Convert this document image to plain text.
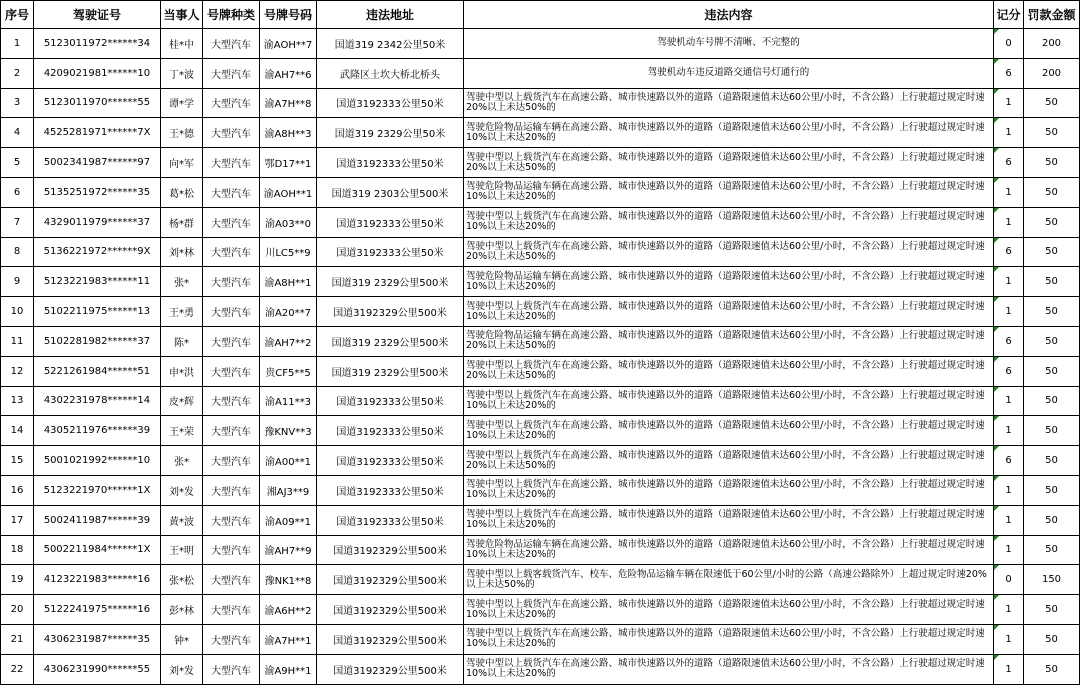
序号	驾驶证号	当事人	号牌种类	号牌号码	违法地址	违法内容	记分	罚款金额
1	5123011972******34	桂*中	大型汽车	渝AOH**7	国道319 2342公里50米	驾驶机动车号牌不清晰、不完整的	0	200
2	4209021981******10	丁*波	大型汽车	渝AH7**6	武隆区土坎大桥北桥头	驾驶机动车违反道路交通信号灯通行的	6	200
3	5123011970******55	谭*学	大型汽车	渝A7H**8	国道3192333公里50米	驾驶中型以上载货汽车在高速公路、城市快速路以外的道路（道路限速值未达60公里/小时，不含公路）上行驶超过规定时速20%以上未达50%的	1	50
4	4525281971******7X	王*德	大型汽车	渝A8H**3	国道319 2329公里50米	驾驶危险物品运输车辆在高速公路、城市快速路以外的道路（道路限速值未达60公里/小时，不含公路）上行驶超过规定时速10%以上未达20%的	1	50
5	5002341987******97	向*军	大型汽车	鄂D17**1	国道3192333公里50米	驾驶中型以上载货汽车在高速公路、城市快速路以外的道路（道路限速值未达60公里/小时，不含公路）上行驶超过规定时速20%以上未达50%的	6	50
6	5135251972******35	葛*松	大型汽车	渝AOH**1	国道319 2303公里500米	驾驶危险物品运输车辆在高速公路、城市快速路以外的道路（道路限速值未达60公里/小时，不含公路）上行驶超过规定时速10%以上未达20%的	1	50
7	4329011979******37	杨*群	大型汽车	渝A03**0	国道3192333公里50米	驾驶中型以上载货汽车在高速公路、城市快速路以外的道路（道路限速值未达60公里/小时，不含公路）上行驶超过规定时速10%以上未达20%的	1	50
8	5136221972******9X	刘*林	大型汽车	川LC5**9	国道3192333公里50米	驾驶中型以上载货汽车在高速公路、城市快速路以外的道路（道路限速值未达60公里/小时，不含公路）上行驶超过规定时速20%以上未达50%的	6	50
9	5123221983******11	张*	大型汽车	渝A8H**1	国道319 2329公里500米	驾驶危险物品运输车辆在高速公路、城市快速路以外的道路（道路限速值未达60公里/小时，不含公路）上行驶超过规定时速10%以上未达20%的	1	50
10	5102211975******13	王*勇	大型汽车	渝A20**7	国道3192329公里500米	驾驶中型以上载货汽车在高速公路、城市快速路以外的道路（道路限速值未达60公里/小时，不含公路）上行驶超过规定时速10%以上未达20%的	1	50
11	5102281982******37	陈*	大型汽车	渝AH7**2	国道319 2329公里500米	驾驶危险物品运输车辆在高速公路、城市快速路以外的道路（道路限速值未达60公里/小时，不含公路）上行驶超过规定时速20%以上未达50%的	6	50
12	5221261984******51	申*洪	大型汽车	贵CF5**5	国道319 2329公里500米	驾驶中型以上载货汽车在高速公路、城市快速路以外的道路（道路限速值未达60公里/小时，不含公路）上行驶超过规定时速20%以上未达50%的	6	50
13	4302231978******14	皮*辉	大型汽车	渝A11**3	国道3192333公里50米	驾驶中型以上载货汽车在高速公路、城市快速路以外的道路（道路限速值未达60公里/小时，不含公路）上行驶超过规定时速10%以上未达20%的	1	50
14	4305211976******39	王*荣	大型汽车	豫KNV**3	国道3192333公里50米	驾驶中型以上载货汽车在高速公路、城市快速路以外的道路（道路限速值未达60公里/小时，不含公路）上行驶超过规定时速10%以上未达20%的	1	50
15	5001021992******10	张*	大型汽车	渝A00**1	国道3192333公里50米	驾驶中型以上载货汽车在高速公路、城市快速路以外的道路（道路限速值未达60公里/小时，不含公路）上行驶超过规定时速20%以上未达50%的	6	50
16	5123221970******1X	刘*发	大型汽车	湘AJ3**9	国道3192333公里50米	驾驶中型以上载货汽车在高速公路、城市快速路以外的道路（道路限速值未达60公里/小时，不含公路）上行驶超过规定时速10%以上未达20%的	1	50
17	5002411987******39	黄*波	大型汽车	渝A09**1	国道3192333公里50米	驾驶中型以上载货汽车在高速公路、城市快速路以外的道路（道路限速值未达60公里/小时，不含公路）上行驶超过规定时速10%以上未达20%的	1	50
18	5002211984******1X	王*明	大型汽车	渝AH7**9	国道3192329公里500米	驾驶危险物品运输车辆在高速公路、城市快速路以外的道路（道路限速值未达60公里/小时，不含公路）上行驶超过规定时速10%以上未达20%的	1	50
19	4123221983******16	张*松	大型汽车	豫NK1**8	国道3192329公里500米	驾驶中型以上载客载货汽车、校车、危险物品运输车辆在限速低于60公里/小时的公路（高速公路除外）上超过规定时速20%以上未达50%的	0	150
20	5122241975******16	彭*林	大型汽车	渝A6H**2	国道3192329公里500米	驾驶中型以上载货汽车在高速公路、城市快速路以外的道路（道路限速值未达60公里/小时，不含公路）上行驶超过规定时速10%以上未达20%的	1	50
21	4306231987******35	钟*	大型汽车	渝A7H**1	国道3192329公里500米	驾驶中型以上载货汽车在高速公路、城市快速路以外的道路（道路限速值未达60公里/小时，不含公路）上行驶超过规定时速10%以上未达20%的	1	50
22	4306231990******55	刘*发	大型汽车	渝A9H**1	国道3192329公里500米	驾驶中型以上载货汽车在高速公路、城市快速路以外的道路（道路限速值未达60公里/小时，不含公路）上行驶超过规定时速10%以上未达20%的	1	50
